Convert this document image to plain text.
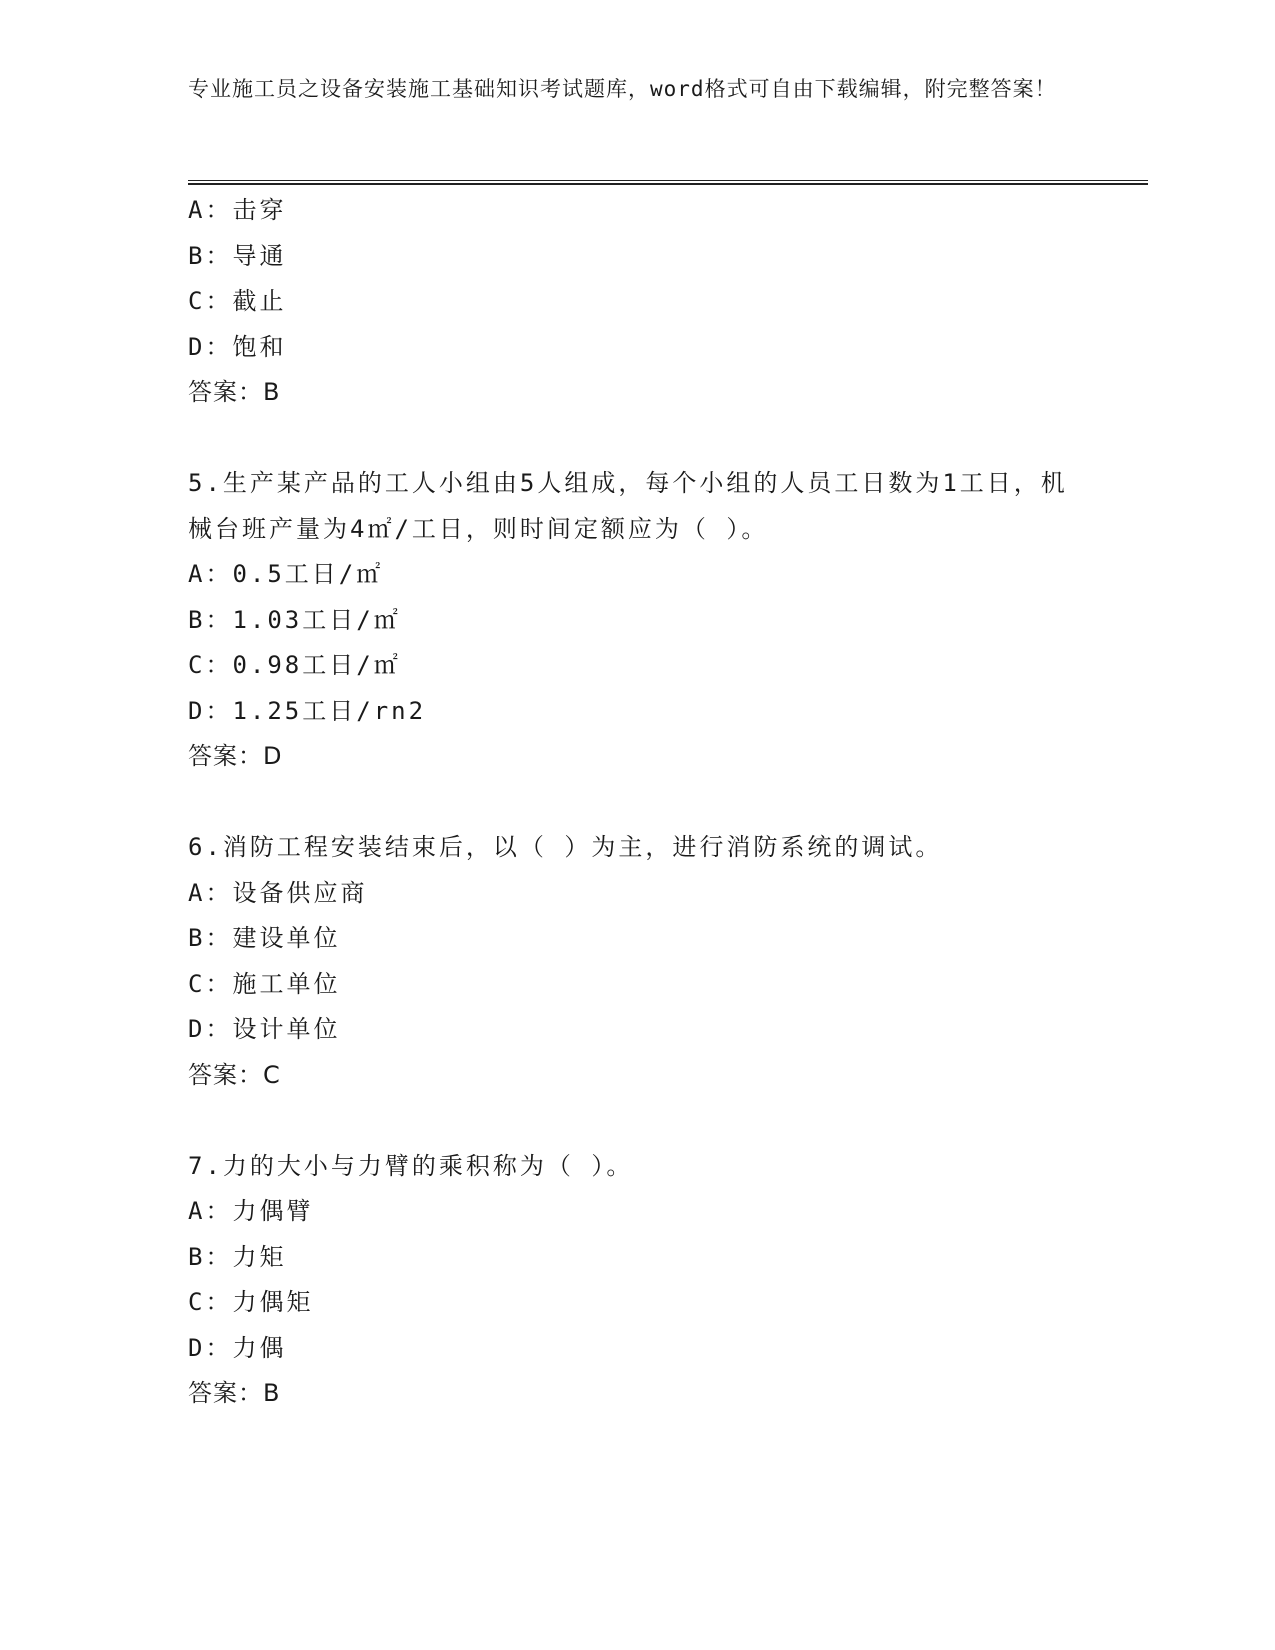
专业施工员之设备安装施工基础知识考试题库，word格式可自由下载编辑，附完整答案！
A：击穿
B：导通
C：截止
D：饱和
答案：B
5.生产某产品的工人小组由5人组成，每个小组的人员工日数为1工日，机械台班产量为4㎡/工日，则时间定额应为（ ）。
A：0.5工日/㎡
B：1.03工日/㎡
C：0.98工日/㎡
D：1.25工日/rn2
答案：D
6.消防工程安装结束后，以（ ）为主，进行消防系统的调试。
A：设备供应商
B：建设单位
C：施工单位
D：设计单位
答案：C
7.力的大小与力臂的乘积称为（ ）。
A：力偶臂
B：力矩
C：力偶矩
D：力偶
答案：B
